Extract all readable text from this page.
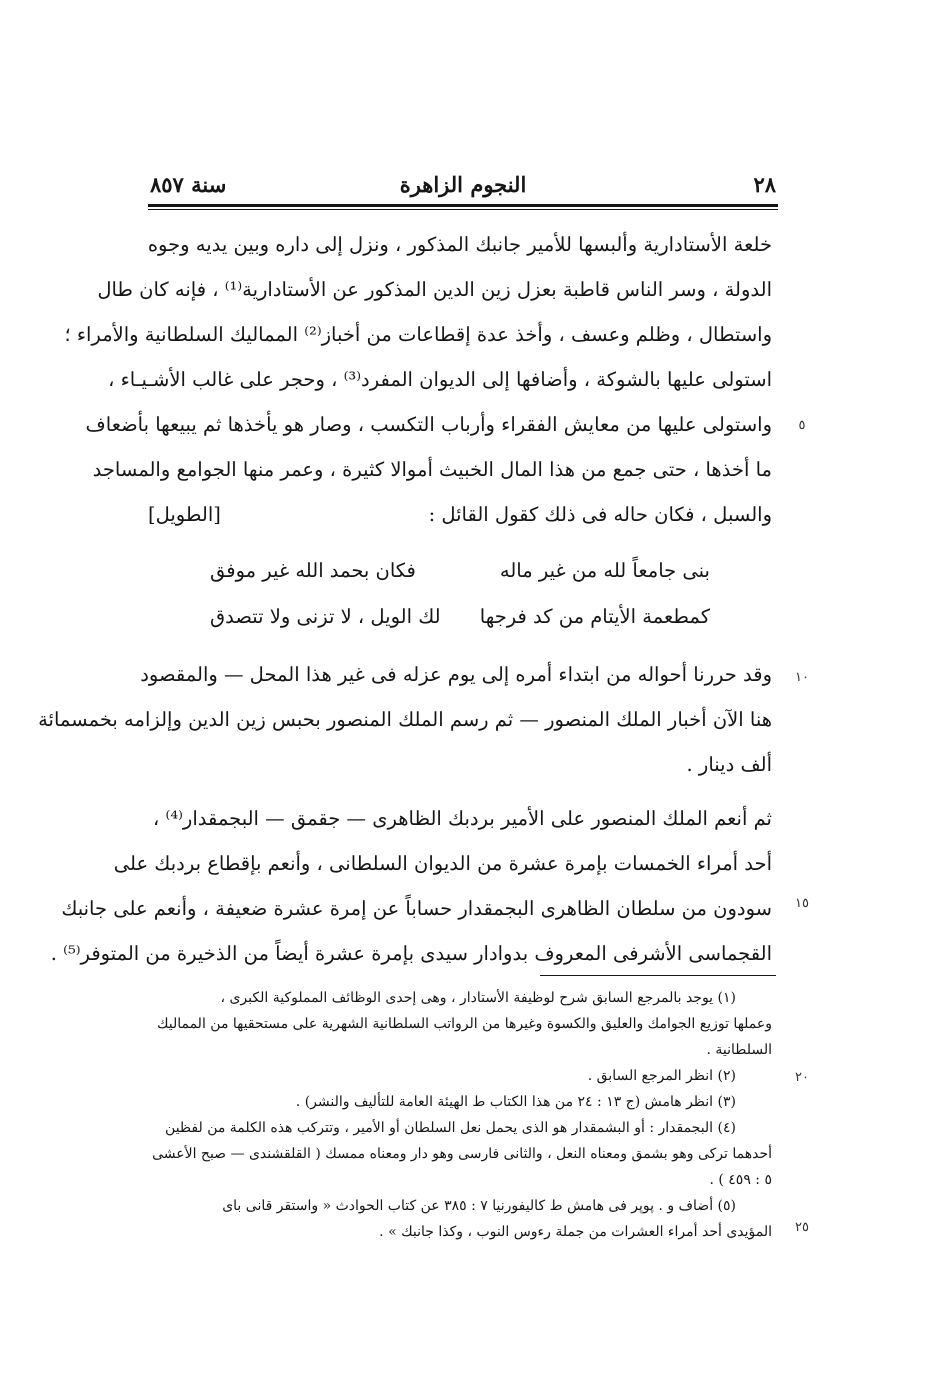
٢٨
النجوم الزاهرة
سنة ٨٥٧
خلعة الأستادارية وألبسها للأمير جانبك المذكور ، ونزل إلى داره وبين يديه وجوه
الدولة ، وسر الناس قاطبة بعزل زين الدين المذكور عن الأستادارية⁽¹⁾ ، فإنه كان طال
واستطال ، وظلم وعسف ، وأخذ عدة إقطاعات من أخباز⁽²⁾ المماليك السلطانية والأمراء ؛
استولى عليها بالشوكة ، وأضافها إلى الديوان المفرد⁽³⁾ ، وحجر على غالب الأشـيـاء ،
واستولى عليها من معايش الفقراء وأرباب التكسب ، وصار هو يأخذها ثم يبيعها بأضعاف
ما أخذها ، حتى جمع من هذا المال الخبيث أموالا كثيرة ، وعمر منها الجوامع والمساجد
والسبل ، فكان حاله فى ذلك كقول القائل :
[الطويل]
بنى جامعاً لله من غير ماله
فكان بحمد الله غير موفق
كمطعمة الأيتام من كد فرجها
لك الويل ، لا تزنى ولا تتصدق
وقد حررنا أحواله من ابتداء أمره إلى يوم عزله فى غير هذا المحل — والمقصود
هنا الآن أخبار الملك المنصور — ثم رسم الملك المنصور بحبس زين الدين وإلزامه بخمسمائة
ألف دينار .
ثم أنعم الملك المنصور على الأمير بردبك الظاهرى — جقمق — البجمقدار⁽⁴⁾ ،
أحد أمراء الخمسات بإمرة عشرة من الديوان السلطانى ، وأنعم بإقطاع بردبك على
سودون من سلطان الظاهرى البجمقدار حساباً عن إمرة عشرة ضعيفة ، وأنعم على جانبك
القجماسى الأشرفى المعروف بدوادار سيدى بإمرة عشرة أيضاً من الذخيرة من المتوفر⁽⁵⁾ .
٥
١٠
١٥
٢٠
٢٥
(١) يوجد بالمرجع السابق شرح لوظيفة الأستادار ، وهى إحدى الوظائف المملوكية الكبرى ،
وعملها توزيع الجوامك والعليق والكسوة وغيرها من الرواتب السلطانية الشهرية على مستحقيها من المماليك
السلطانية .
(٢) انظر المرجع السابق .
(٣) انظر هامش (ج ١٣ : ٢٤ من هذا الكتاب ط الهيئة العامة للتأليف والنشر) .
(٤) البجمقدار : أو البشمقدار هو الذى يحمل نعل السلطان أو الأمير ، وتتركب هذه الكلمة من لفظين
أحدهما تركى وهو بشمق ومعناه النعل ، والثانى فارسى وهو دار ومعناه ممسك ( القلقشندى — صبح الأعشى
٥ : ٤٥٩ ) .
(٥) أضاف و . پوپر فى هامش ط كاليفورنيا ٧ : ٣٨٥ عن كتاب الحوادث « واستقر قانى باى
المؤيدى أحد أمراء العشرات من جملة رءوس النوب ، وكذا جانبك » .
